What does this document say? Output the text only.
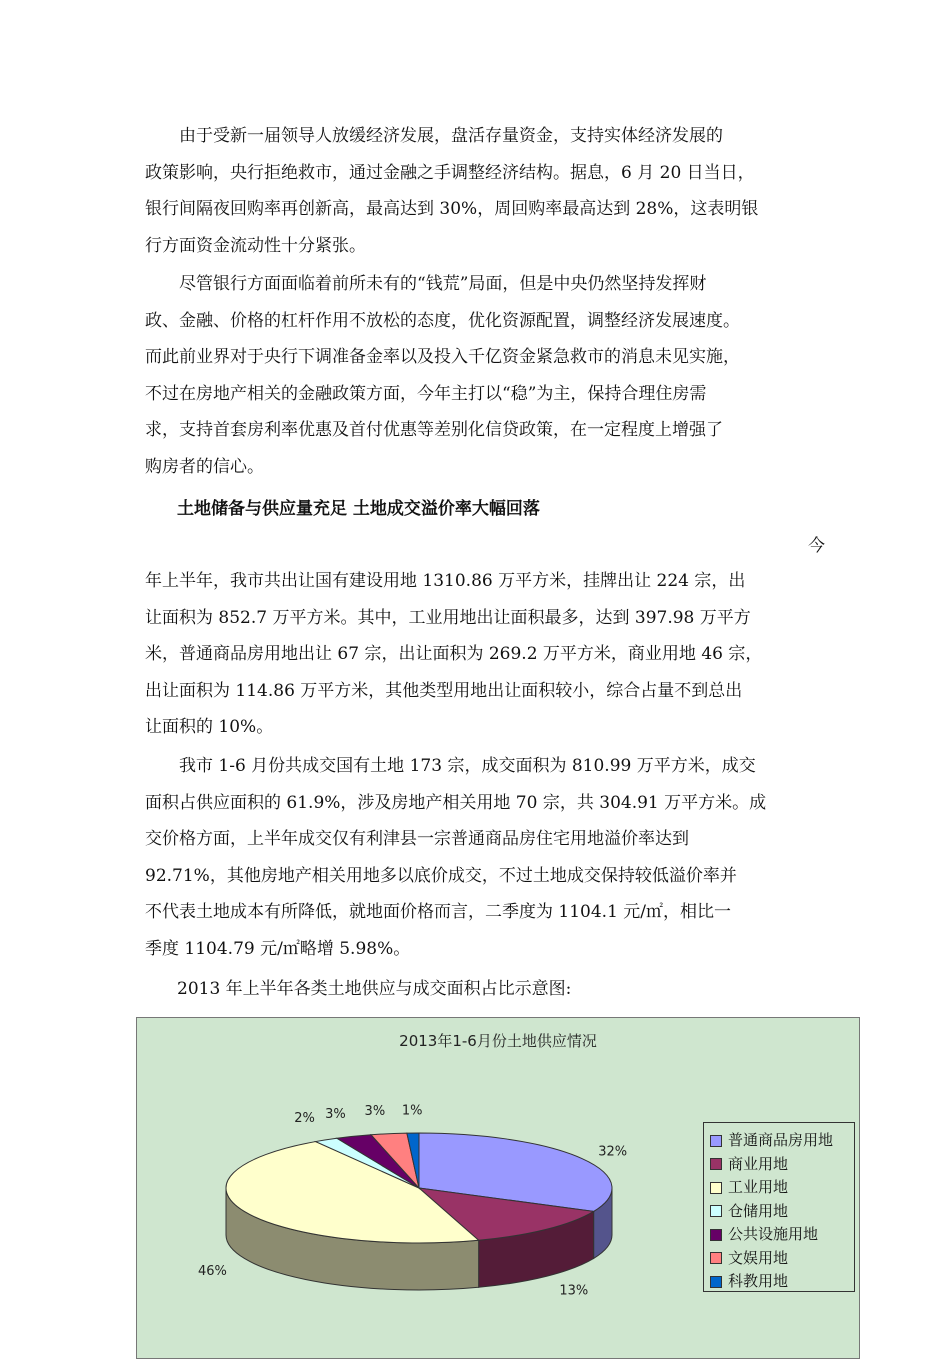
由于受新一届领导人放缓经济发展，盘活存量资金，支持实体经济发展的
政策影响，央行拒绝救市，通过金融之手调整经济结构。据息，6 月 20 日当日，
银行间隔夜回购率再创新高，最高达到 30%，周回购率最高达到 28%，这表明银
行方面资金流动性十分紧张。

尽管银行方面面临着前所未有的“钱荒”局面，但是中央仍然坚持发挥财
政、金融、价格的杠杆作用不放松的态度，优化资源配置，调整经济发展速度。
而此前业界对于央行下调准备金率以及投入千亿资金紧急救市的消息未见实施，
不过在房地产相关的金融政策方面，今年主打以“稳”为主，保持合理住房需
求，支持首套房利率优惠及首付优惠等差别化信贷政策，在一定程度上增强了
购房者的信心。

土地储备与供应量充足 土地成交溢价率大幅回落
今

年上半年，我市共出让国有建设用地 1310.86 万平方米，挂牌出让 224 宗，出
让面积为 852.7 万平方米。其中，工业用地出让面积最多，达到 397.98 万平方
米，普通商品房用地出让 67 宗，出让面积为 269.2 万平方米，商业用地 46 宗，
出让面积为 114.86 万平方米，其他类型用地出让面积较小，综合占量不到总出
让面积的 10%。

我市 1-6 月份共成交国有土地 173 宗，成交面积为 810.99 万平方米，成交
面积占供应面积的 61.9%，涉及房地产相关用地 70 宗，共 304.91 万平方米。成
交价格方面，上半年成交仅有利津县一宗普通商品房住宅用地溢价率达到
92.71%，其他房地产相关用地多以底价成交，不过土地成交保持较低溢价率并
不代表土地成本有所降低，就地面价格而言，二季度为 1104.1 元/㎡，相比一
季度 1104.79 元/㎡略增 5.98%。

2013 年上半年各类土地供应与成交面积占比示意图:
2013年1-6月份土地供应情况
32%
13%
46%
2% 3% 3% 1%
普通商品房用地
商业用地
工业用地
仓储用地
公共设施用地
文娱用地
科教用地
